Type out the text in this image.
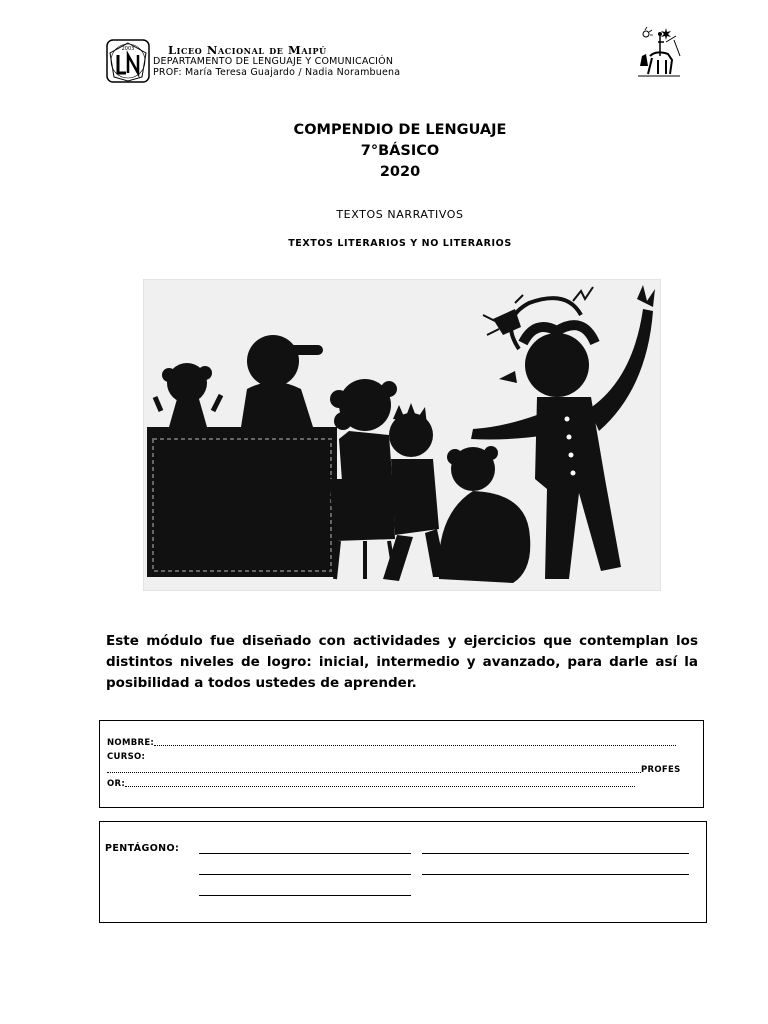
2003	Liceo Nacional de Maipú
DEPARTAMENTO DE LENGUAJE Y COMUNICACIÓN
PROF: María Teresa Guajardo / Nadia Norambuena
COMPENDIO DE LENGUAJE
7°BÁSICO
2020
TEXTOS NARRATIVOS
TEXTOS LITERARIOS Y NO LITERARIOS
Este módulo fue diseñado con actividades y ejercicios que contemplan los distintos niveles de logro: inicial, intermedio y avanzado, para darle así la posibilidad a todos ustedes de aprender.
NOMBRE:
CURSO:
PROFES
OR:
PENTÁGONO:
